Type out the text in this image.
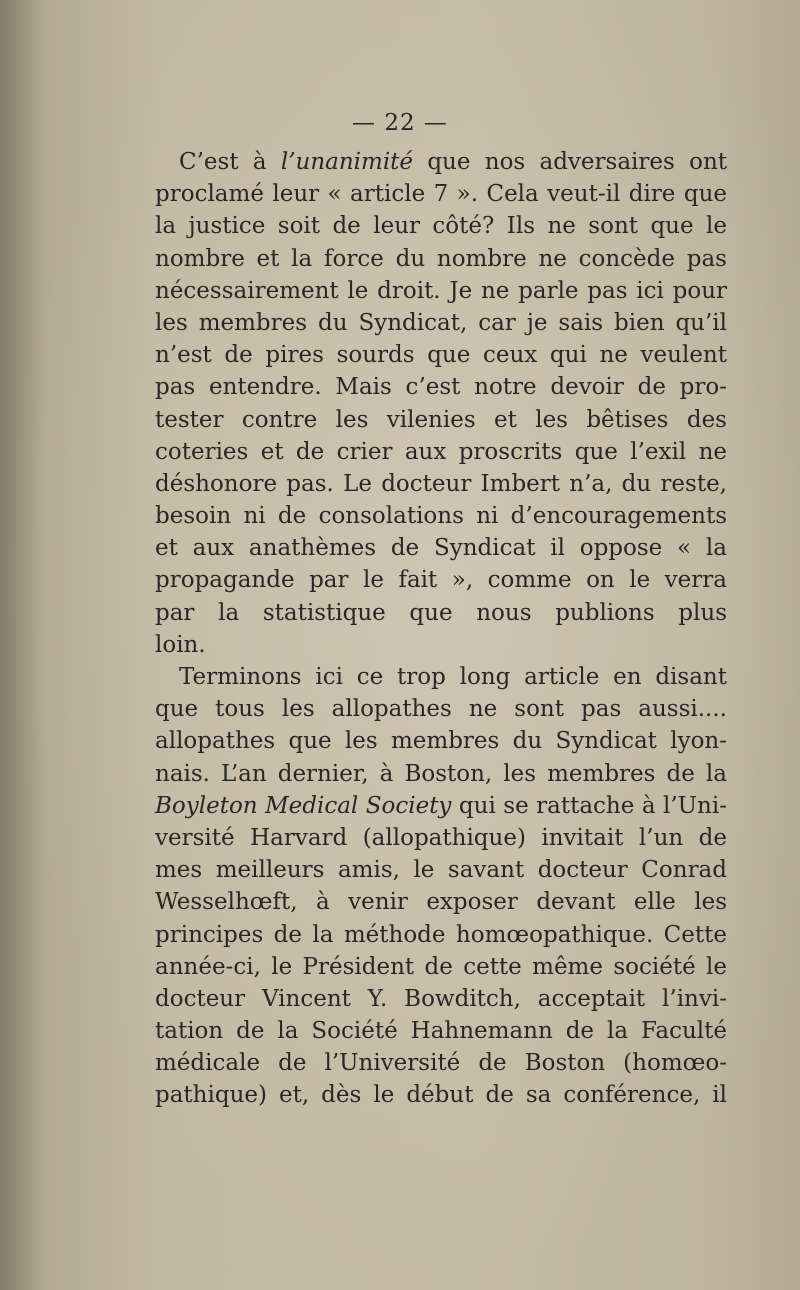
— 22 —
C’est à l’unanimité que nos adversaires ont
proclamé leur « article 7 ». Cela veut-il dire que
la justice soit de leur côté? Ils ne sont que le
nombre et la force du nombre ne concède pas
nécessairement le droit. Je ne parle pas ici pour
les membres du Syndicat, car je sais bien qu’il
n’est de pires sourds que ceux qui ne veulent
pas entendre. Mais c’est notre devoir de pro-
tester contre les vilenies et les bêtises des
coteries et de crier aux proscrits que l’exil ne
déshonore pas. Le docteur Imbert n’a, du reste,
besoin ni de consolations ni d’encouragements
et aux anathèmes de Syndicat il oppose « la
propagande par le fait », comme on le verra
par la statistique que nous publions plus
loin.
Terminons ici ce trop long article en disant
que tous les allopathes ne sont pas aussi....
allopathes que les membres du Syndicat lyon-
nais. L’an dernier, à Boston, les membres de la
Boyleton Medical Society qui se rattache à l’Uni-
versité Harvard (allopathique) invitait l’un de
mes meilleurs amis, le savant docteur Conrad
Wesselhœft, à venir exposer devant elle les
principes de la méthode homœopathique. Cette
année-ci, le Président de cette même société le
docteur Vincent Y. Bowditch, acceptait l’invi-
tation de la Société Hahnemann de la Faculté
médicale de l’Université de Boston (homœo-
pathique) et, dès le début de sa conférence, il
